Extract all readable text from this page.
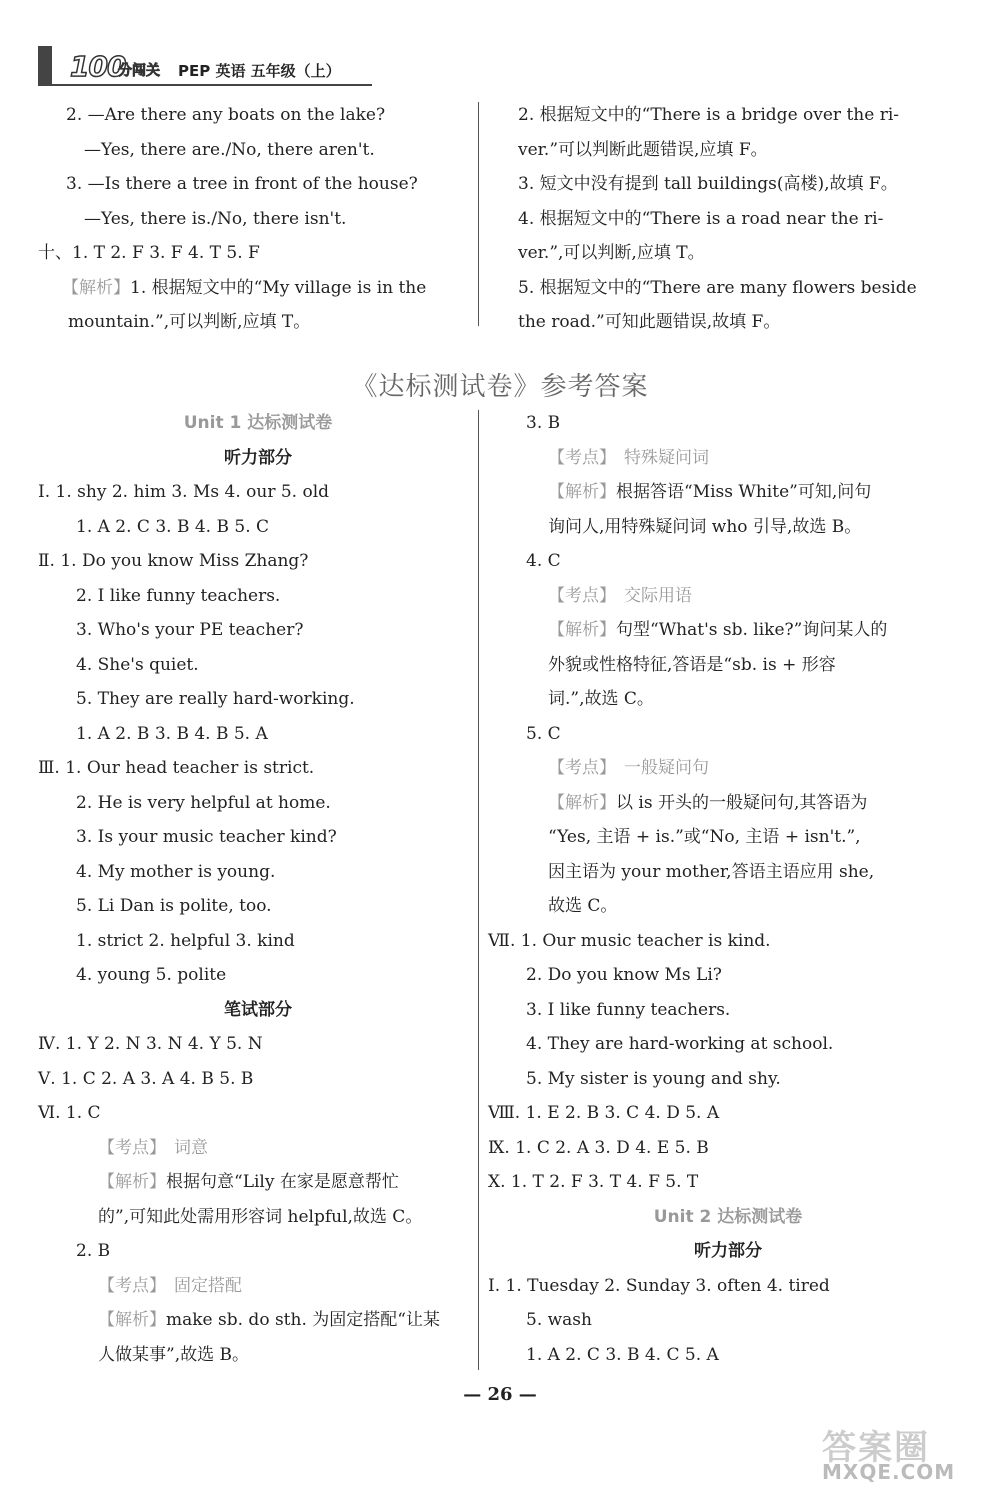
100
分闯关 PEP 英语 五年级（上）
2. —Are there any boats on the lake?
—Yes, there are./No, there aren't.
3. —Is there a tree in front of the house?
—Yes, there is./No, there isn't.
十、1. T 2. F 3. F 4. T 5. F
【解析】1. 根据短文中的“My village is in the
mountain.”,可以判断,应填 T。
2. 根据短文中的“There is a bridge over the ri-
ver.”可以判断此题错误,应填 F。
3. 短文中没有提到 tall buildings(高楼),故填 F。
4. 根据短文中的“There is a road near the ri-
ver.”,可以判断,应填 T。
5. 根据短文中的“There are many flowers beside
the road.”可知此题错误,故填 F。
《达标测试卷》参考答案
Unit 1 达标测试卷
听力部分
Ⅰ. 1. shy 2. him 3. Ms 4. our 5. old
1. A 2. C 3. B 4. B 5. C
Ⅱ. 1. Do you know Miss Zhang?
2. I like funny teachers.
3. Who's your PE teacher?
4. She's quiet.
5. They are really hard-working.
1. A 2. B 3. B 4. B 5. A
Ⅲ. 1. Our head teacher is strict.
2. He is very helpful at home.
3. Is your music teacher kind?
4. My mother is young.
5. Li Dan is polite, too.
1. strict 2. helpful 3. kind
4. young 5. polite
笔试部分
Ⅳ. 1. Y 2. N 3. N 4. Y 5. N
Ⅴ. 1. C 2. A 3. A 4. B 5. B
Ⅵ. 1. C
【考点】 词意
【解析】根据句意“Lily 在家是愿意帮忙
的”,可知此处需用形容词 helpful,故选 C。
2. B
【考点】 固定搭配
【解析】make sb. do sth. 为固定搭配“让某
人做某事”,故选 B。
3. B
【考点】 特殊疑问词
【解析】根据答语“Miss White”可知,问句
询问人,用特殊疑问词 who 引导,故选 B。
4. C
【考点】 交际用语
【解析】句型“What's sb. like?”询问某人的
外貌或性格特征,答语是“sb. is + 形容
词.”,故选 C。
5. C
【考点】 一般疑问句
【解析】以 is 开头的一般疑问句,其答语为
“Yes, 主语 + is.”或“No, 主语 + isn't.”,
因主语为 your mother,答语主语应用 she,
故选 C。
Ⅶ. 1. Our music teacher is kind.
2. Do you know Ms Li?
3. I like funny teachers.
4. They are hard-working at school.
5. My sister is young and shy.
Ⅷ. 1. E 2. B 3. C 4. D 5. A
Ⅸ. 1. C 2. A 3. D 4. E 5. B
Ⅹ. 1. T 2. F 3. T 4. F 5. T
Unit 2 达标测试卷
听力部分
Ⅰ. 1. Tuesday 2. Sunday 3. often 4. tired
5. wash
1. A 2. C 3. B 4. C 5. A
— 26 —
答案圈
MXQE.COM
